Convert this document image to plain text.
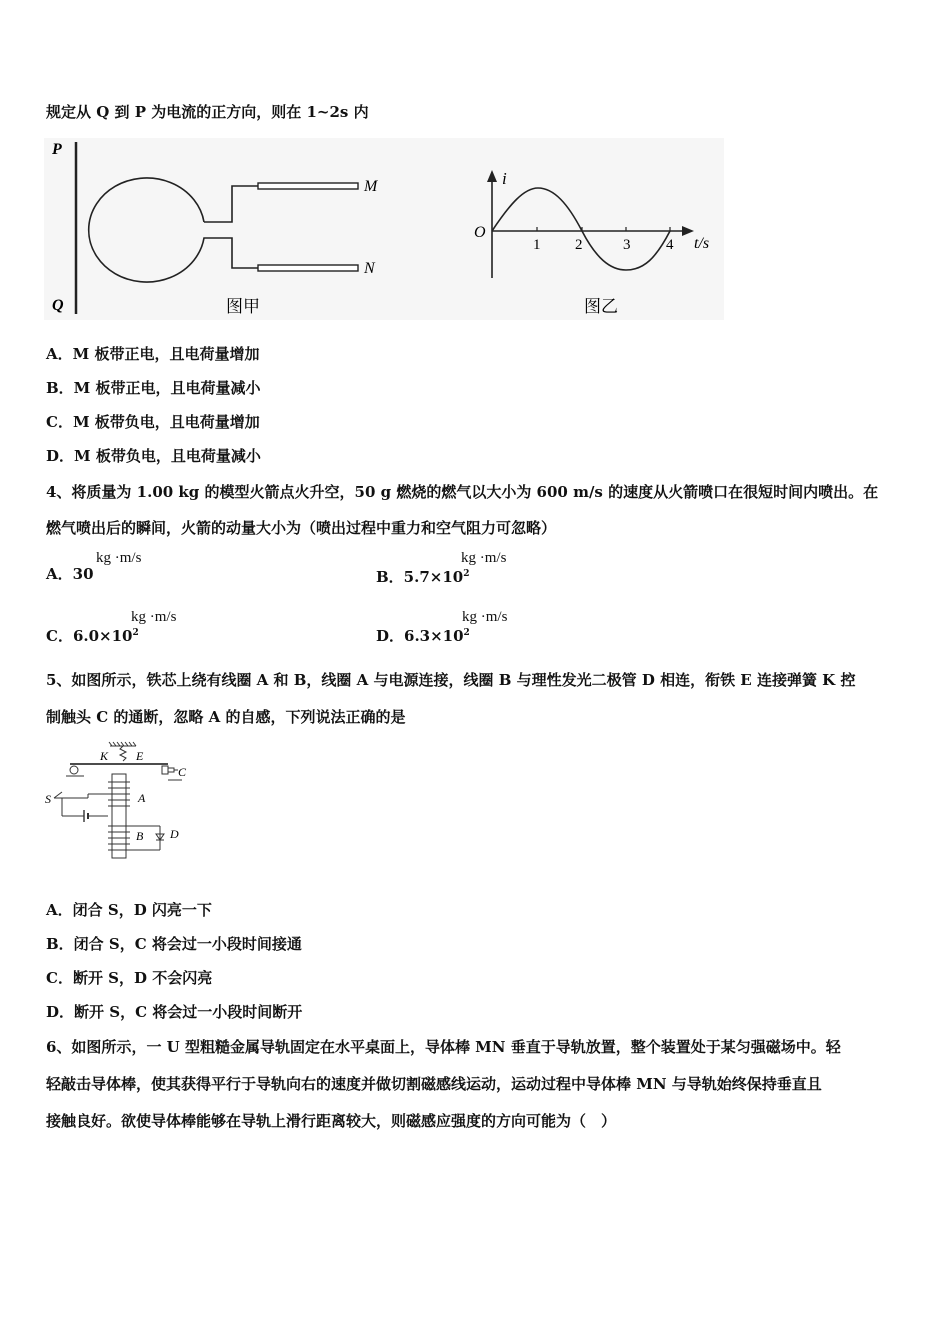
规定从 Q 到 P 为电流的正方向，则在 1~2s 内
P
Q
M
N
图甲
i
O
t/s
1 2	3 4
图乙
A．M 板带正电，且电荷量增加
B．M 板带正电，且电荷量减小
C．M 板带负电，且电荷量增加
D．M 板带负电，且电荷量减小
4、将质量为 1.00 kg 的模型火箭点火升空，50 g 燃烧的燃气以大小为 600 m/s 的速度从火箭喷口在很短时间内喷出。在
燃气喷出后的瞬间，火箭的动量大小为（喷出过程中重力和空气阻力可忽略）
A．30
kg ·m/s
B．$5.7\times 10^2$
kg ·m/s
C．$6.0\times 10^2$
kg ·m/s
D．$6.3\times 10^2$
kg ·m/s
5、如图所示，铁芯上绕有线圈 A 和 B，线圈 A 与电源连接，线圈 B 与理性发光二极管 D 相连，衔铁 E 连接弹簧 K 控
制触头 C 的通断，忽略 A 的自感，下列说法正确的是
K E
C
S	A
B D
A．闭合 S，D 闪亮一下
B．闭合 S，C 将会过一小段时间接通
C．断开 S，D 不会闪亮
D．断开 S，C 将会过一小段时间断开
6、如图所示，一 U 型粗糙金属导轨固定在水平桌面上，导体棒 MN 垂直于导轨放置，整个装置处于某匀强磁场中。轻
轻敲击导体棒，使其获得平行于导轨向右的速度并做切割磁感线运动，运动过程中导体棒 MN 与导轨始终保持垂直且
接触良好。欲使导体棒能够在导轨上滑行距离较大，则磁感应强度的方向可能为（　）
